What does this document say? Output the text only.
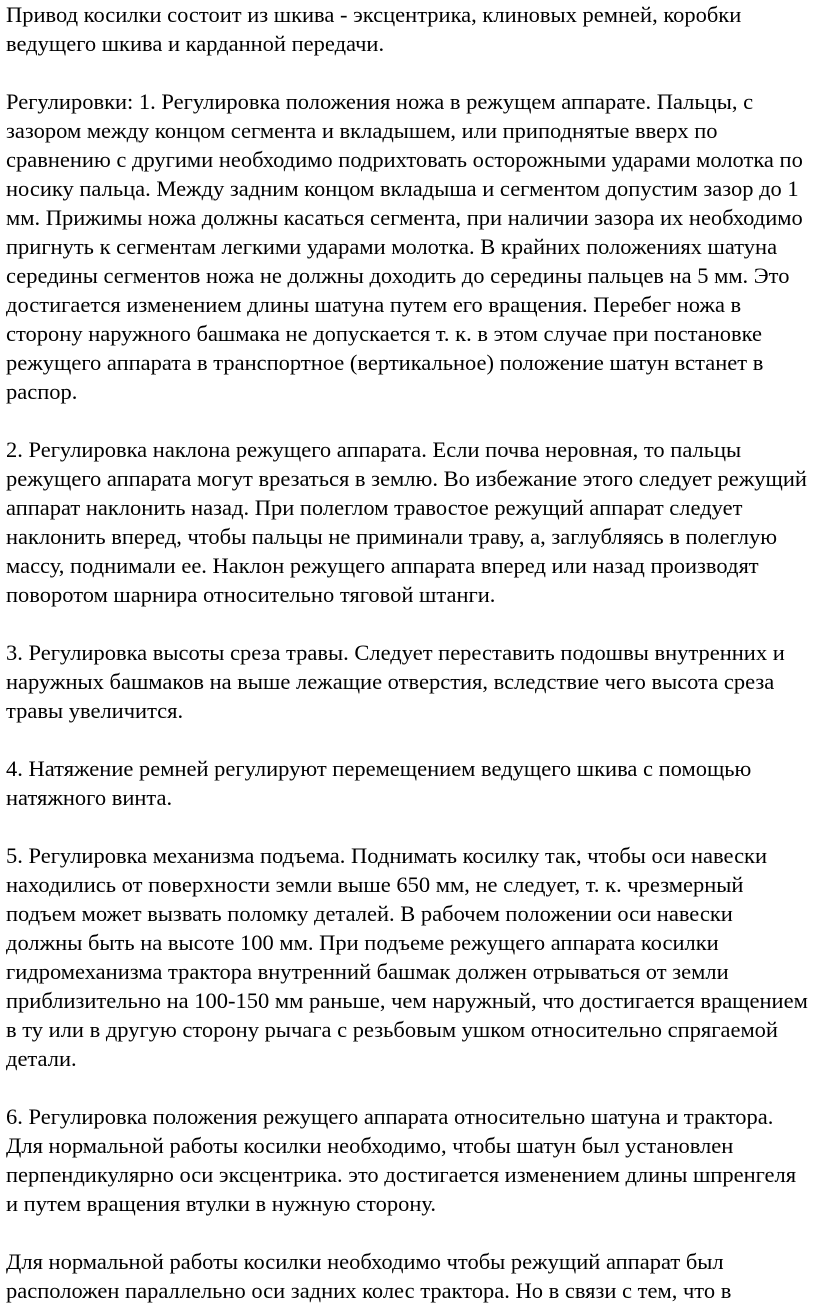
Привод косилки состоит из шкива - эксцентрика, клиновых ремней, коробки ведущего шкива и карданной передачи.

Регулировки: 1. Регулировка положения ножа в режущем аппарате. Пальцы, с зазором между концом сегмента и вкладышем, или приподнятые вверх по сравнению с другими необходимо подрихтовать осторожными ударами молотка по носику пальца. Между задним концом вкладыша и сегментом допустим зазор до 1 мм. Прижимы ножа должны касаться сегмента, при наличии зазора их необходимо пригнуть к сегментам легкими ударами молотка. В крайних положениях шатуна середины сегментов ножа не должны доходить до середины пальцев на 5 мм. Это достигается изменением длины шатуна путем его вращения. Перебег ножа в сторону наружного башмака не допускается т. к. в этом случае при постановке режущего аппарата в транспортное (вертикальное) положение шатун встанет в распор.

2. Регулировка наклона режущего аппарата. Если почва неровная, то пальцы режущего аппарата могут врезаться в землю. Во избежание этого следует режущий аппарат наклонить назад. При полеглом травостое режущий аппарат следует наклонить вперед, чтобы пальцы не приминали траву, а, заглубляясь в полеглую массу, поднимали ее. Наклон режущего аппарата вперед или назад производят поворотом шарнира относительно тяговой штанги.

3. Регулировка высоты среза травы. Следует переставить подошвы внутренних и наружных башмаков на выше лежащие отверстия, вследствие чего высота среза травы увеличится.

4. Натяжение ремней регулируют перемещением ведущего шкива с помощью натяжного винта.

5. Регулировка механизма подъема. Поднимать косилку так, чтобы оси навески находились от поверхности земли выше 650 мм, не следует, т. к. чрезмерный подъем может вызвать поломку деталей. В рабочем положении оси навески должны быть на высоте 100 мм. При подъеме режущего аппарата косилки гидромеханизма трактора внутренний башмак должен отрываться от земли приблизительно на 100-150 мм раньше, чем наружный, что достигается вращением в ту или в другую сторону рычага с резьбовым ушком относительно спрягаемой детали.

6. Регулировка положения режущего аппарата относительно шатуна и трактора. Для нормальной работы косилки необходимо, чтобы шатун был установлен перпендикулярно оси эксцентрика. это достигается изменением длины шпренгеля и путем вращения втулки в нужную сторону.

Для нормальной работы косилки необходимо чтобы режущий аппарат был расположен параллельно оси задних колес трактора. Но в связи с тем, что в
